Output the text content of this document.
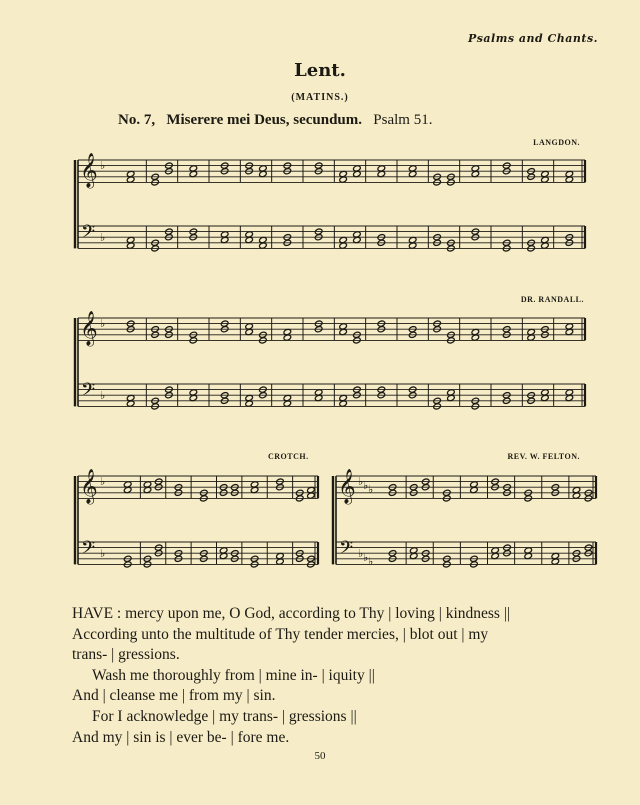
Psalms and Chants.
Lent.
(MATINS.)
No. 7, Miserere mei Deus, secundum. Psalm 51.
LANGDON.
DR. RANDALL.
CROTCH.	REV. W. FELTON.
𝄞
𝄢
♭
♭
𝄞
𝄢
♭
♭
𝄞
𝄢
♭
♭
𝄞
𝄢
♭
♭
♭
♭
♭
♭
HAVE : mercy upon me, O God, according to Thy | loving | kindness ||
According unto the multitude of Thy tender mercies, | blot out | my
trans- | gressions.
Wash me thoroughly from | mine in- | iquity ||
And | cleanse me | from my | sin.
For I acknowledge | my trans- | gressions ||
And my | sin is | ever be- | fore me.
50
